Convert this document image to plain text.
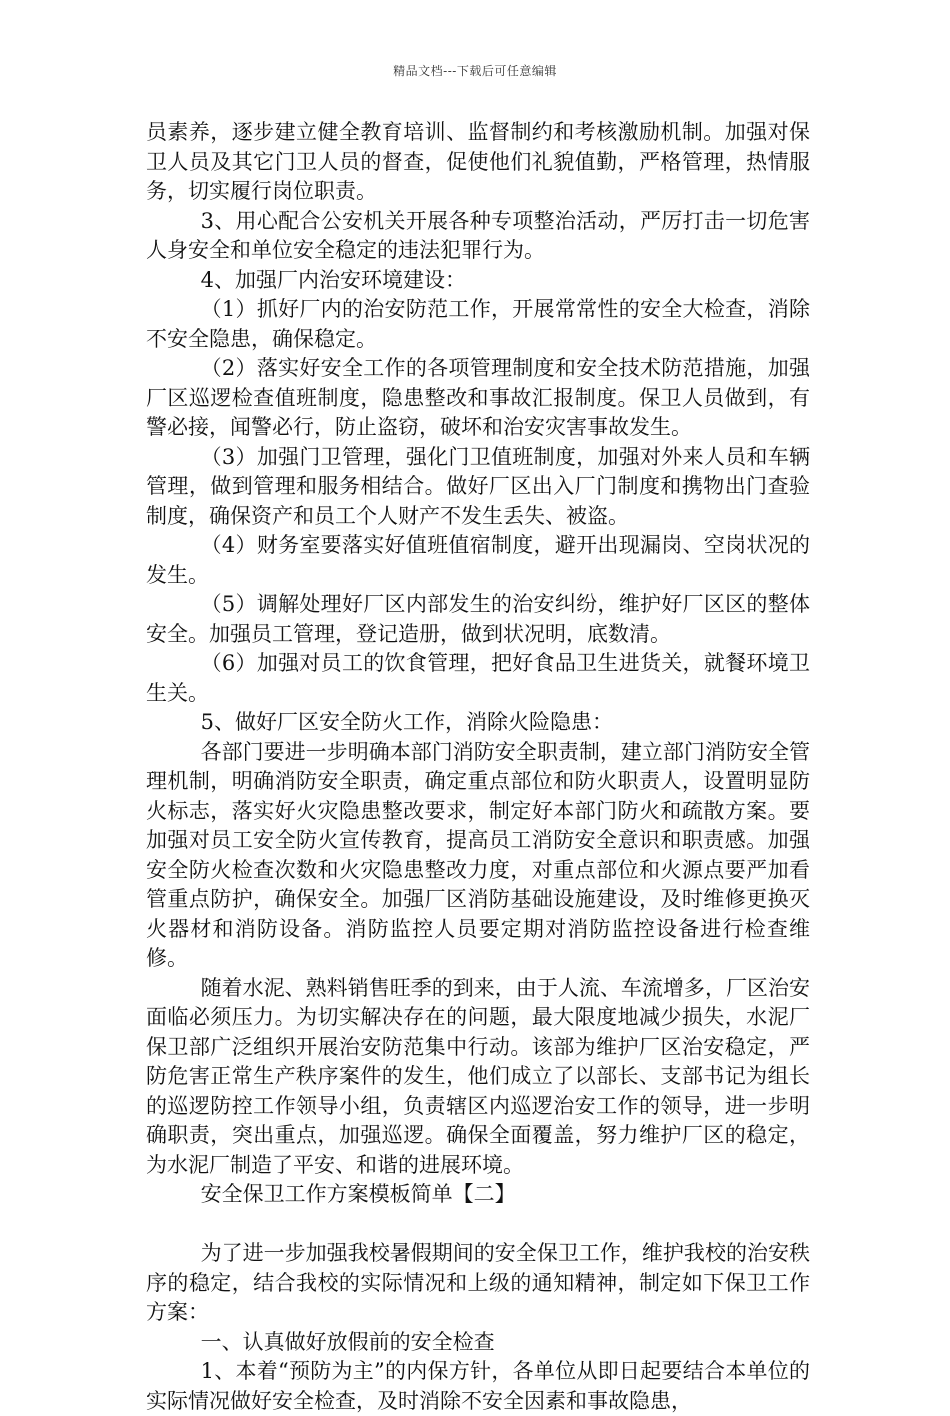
精品文档---下载后可任意编辑

员素养，逐步建立健全教育培训、监督制约和考核激励机制。加强对保卫人员及其它门卫人员的督查，促使他们礼貌值勤，严格管理，热情服务，切实履行岗位职责。

3、用心配合公安机关开展各种专项整治活动，严厉打击一切危害人身安全和单位安全稳定的违法犯罪行为。

4、加强厂内治安环境建设：

（1）抓好厂内的治安防范工作，开展常常性的安全大检查，消除不安全隐患，确保稳定。

（2）落实好安全工作的各项管理制度和安全技术防范措施，加强厂区巡逻检查值班制度，隐患整改和事故汇报制度。保卫人员做到，有警必接，闻警必行，防止盗窃，破坏和治安灾害事故发生。

（3）加强门卫管理，强化门卫值班制度，加强对外来人员和车辆管理，做到管理和服务相结合。做好厂区出入厂门制度和携物出门查验制度，确保资产和员工个人财产不发生丢失、被盗。

（4）财务室要落实好值班值宿制度，避开出现漏岗、空岗状况的发生。

（5）调解处理好厂区内部发生的治安纠纷，维护好厂区区的整体安全。加强员工管理，登记造册，做到状况明，底数清。

（6）加强对员工的饮食管理，把好食品卫生进货关，就餐环境卫生关。

5、做好厂区安全防火工作，消除火险隐患：

各部门要进一步明确本部门消防安全职责制，建立部门消防安全管理机制，明确消防安全职责，确定重点部位和防火职责人，设置明显防火标志，落实好火灾隐患整改要求，制定好本部门防火和疏散方案。要加强对员工安全防火宣传教育，提高员工消防安全意识和职责感。加强安全防火检查次数和火灾隐患整改力度，对重点部位和火源点要严加看管重点防护，确保安全。加强厂区消防基础设施建设，及时维修更换灭火器材和消防设备。消防监控人员要定期对消防监控设备进行检查维修。

随着水泥、熟料销售旺季的到来，由于人流、车流增多，厂区治安面临必须压力。为切实解决存在的问题，最大限度地减少损失，水泥厂保卫部广泛组织开展治安防范集中行动。该部为维护厂区治安稳定，严防危害正常生产秩序案件的发生，他们成立了以部长、支部书记为组长的巡逻防控工作领导小组，负责辖区内巡逻治安工作的领导，进一步明确职责，突出重点，加强巡逻。确保全面覆盖，努力维护厂区的稳定，为水泥厂制造了平安、和谐的进展环境。

安全保卫工作方案模板简单【二】

为了进一步加强我校暑假期间的安全保卫工作，维护我校的治安秩序的稳定，结合我校的实际情况和上级的通知精神，制定如下保卫工作方案：

一、认真做好放假前的安全检查

1、本着“预防为主”的内保方针，各单位从即日起要结合本单位的实际情况做好安全检查，及时消除不安全因素和事故隐患，
